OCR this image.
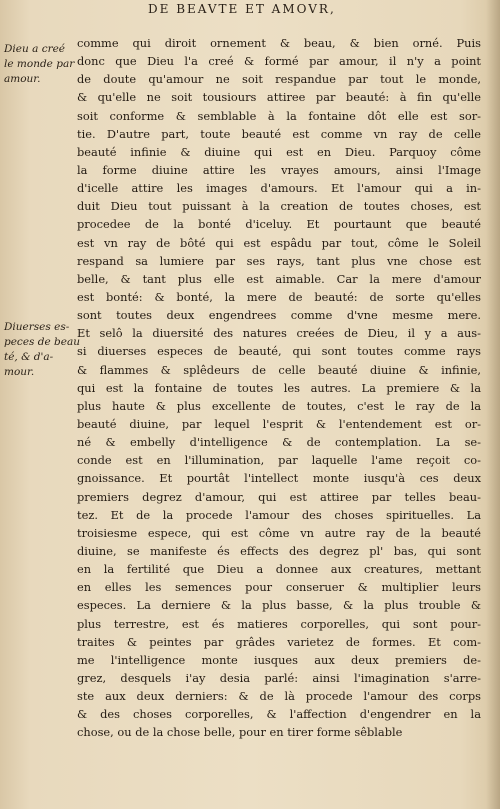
DE BEAVTE ET AMOVR,
Dieu a creé
le monde par
amour.
Diuerses es-
peces de beau
té, & d'a-
mour.
comme qui diroit ornement & beau, & bien orné. Puis
donc que Dieu l'a creé & formé par amour, il n'y a point
de doute qu'amour ne soit respandue par tout le monde,
& qu'elle ne soit tousiours attiree par beauté: à fin qu'elle
soit conforme & semblable à la fontaine dôt elle est sor-
tie. D'autre part, toute beauté est comme vn ray de celle
beauté infinie & diuine qui est en Dieu. Parquoy côme
la forme diuine attire les vrayes amours, ainsi l'Image
d'icelle attire les images d'amours. Et l'amour qui a in-
duit Dieu tout puissant à la creation de toutes choses, est
procedee de la bonté d'iceluy. Et pourtaunt que beauté
est vn ray de bôté qui est espâdu par tout, côme le Soleil
respand sa lumiere par ses rays, tant plus vne chose est
belle, & tant plus elle est aimable. Car la mere d'amour
est bonté: & bonté, la mere de beauté: de sorte qu'elles
sont toutes deux engendrees comme d'vne mesme mere.
Et selô la diuersité des natures creées de Dieu, il y a aus-
si diuerses especes de beauté, qui sont toutes comme rays
& flammes & splêdeurs de celle beauté diuine & infinie,
qui est la fontaine de toutes les autres. La premiere & la
plus haute & plus excellente de toutes, c'est le ray de la
beauté diuine, par lequel l'esprit & l'entendement est or-
né & embelly d'intelligence & de contemplation. La se-
conde est en l'illumination, par laquelle l'ame reçoit co-
gnoissance. Et pourtât l'intellect monte iusqu'à ces deux
premiers degrez d'amour, qui est attiree par telles beau-
tez. Et de la procede l'amour des choses spirituelles. La
troisiesme espece, qui est côme vn autre ray de la beauté
diuine, se manifeste és effects des degrez pl' bas, qui sont
en la fertilité que Dieu a donnee aux creatures, mettant
en elles les semences pour conseruer & multiplier leurs
especes. La derniere & la plus basse, & la plus trouble &
plus terrestre, est és matieres corporelles, qui sont pour-
traites & peintes par grâdes varietez de formes. Et com-
me l'intelligence monte iusques aux deux premiers de-
grez, desquels i'ay desia parlé: ainsi l'imagination s'arre-
ste aux deux derniers: & de là procede l'amour des corps
& des choses corporelles, & l'affection d'engendrer en la
chose, ou de la chose belle, pour en tirer forme sêblable
